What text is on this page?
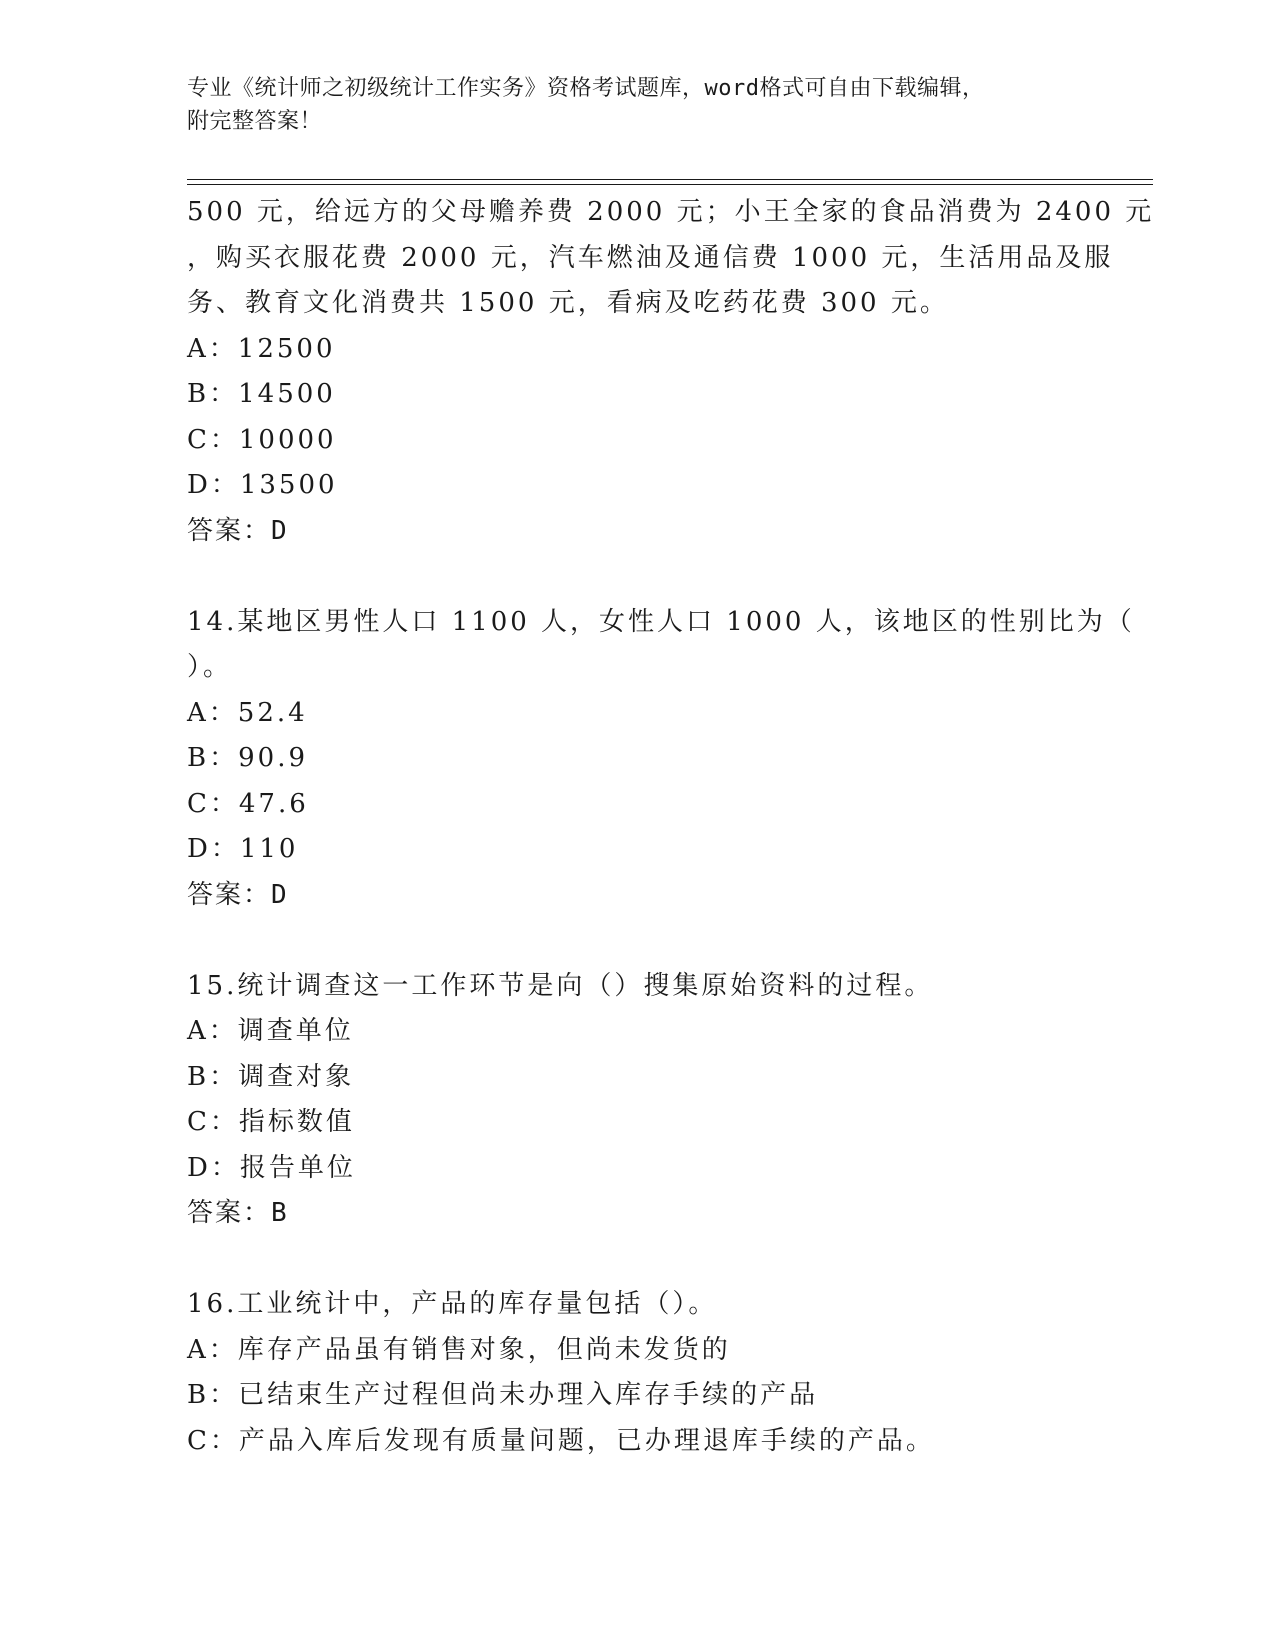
专业《统计师之初级统计工作实务》资格考试题库，word格式可自由下载编辑，
附完整答案！
500 元，给远方的父母赡养费 2000 元；小王全家的食品消费为 2400 元
，购买衣服花费 2000 元，汽车燃油及通信费 1000 元，生活用品及服
务、教育文化消费共 1500 元，看病及吃药花费 300 元。
A：12500
B：14500
C：10000
D：13500
答案：D
14.某地区男性人口 1100 人，女性人口 1000 人，该地区的性别比为（
）。
A：52.4
B：90.9
C：47.6
D：110
答案：D
15.统计调查这一工作环节是向（）搜集原始资料的过程。
A：调查单位
B：调查对象
C：指标数值
D：报告单位
答案：B
16.工业统计中，产品的库存量包括（）。
A：库存产品虽有销售对象，但尚未发货的
B：已结束生产过程但尚未办理入库存手续的产品
C：产品入库后发现有质量问题，已办理退库手续的产品。
